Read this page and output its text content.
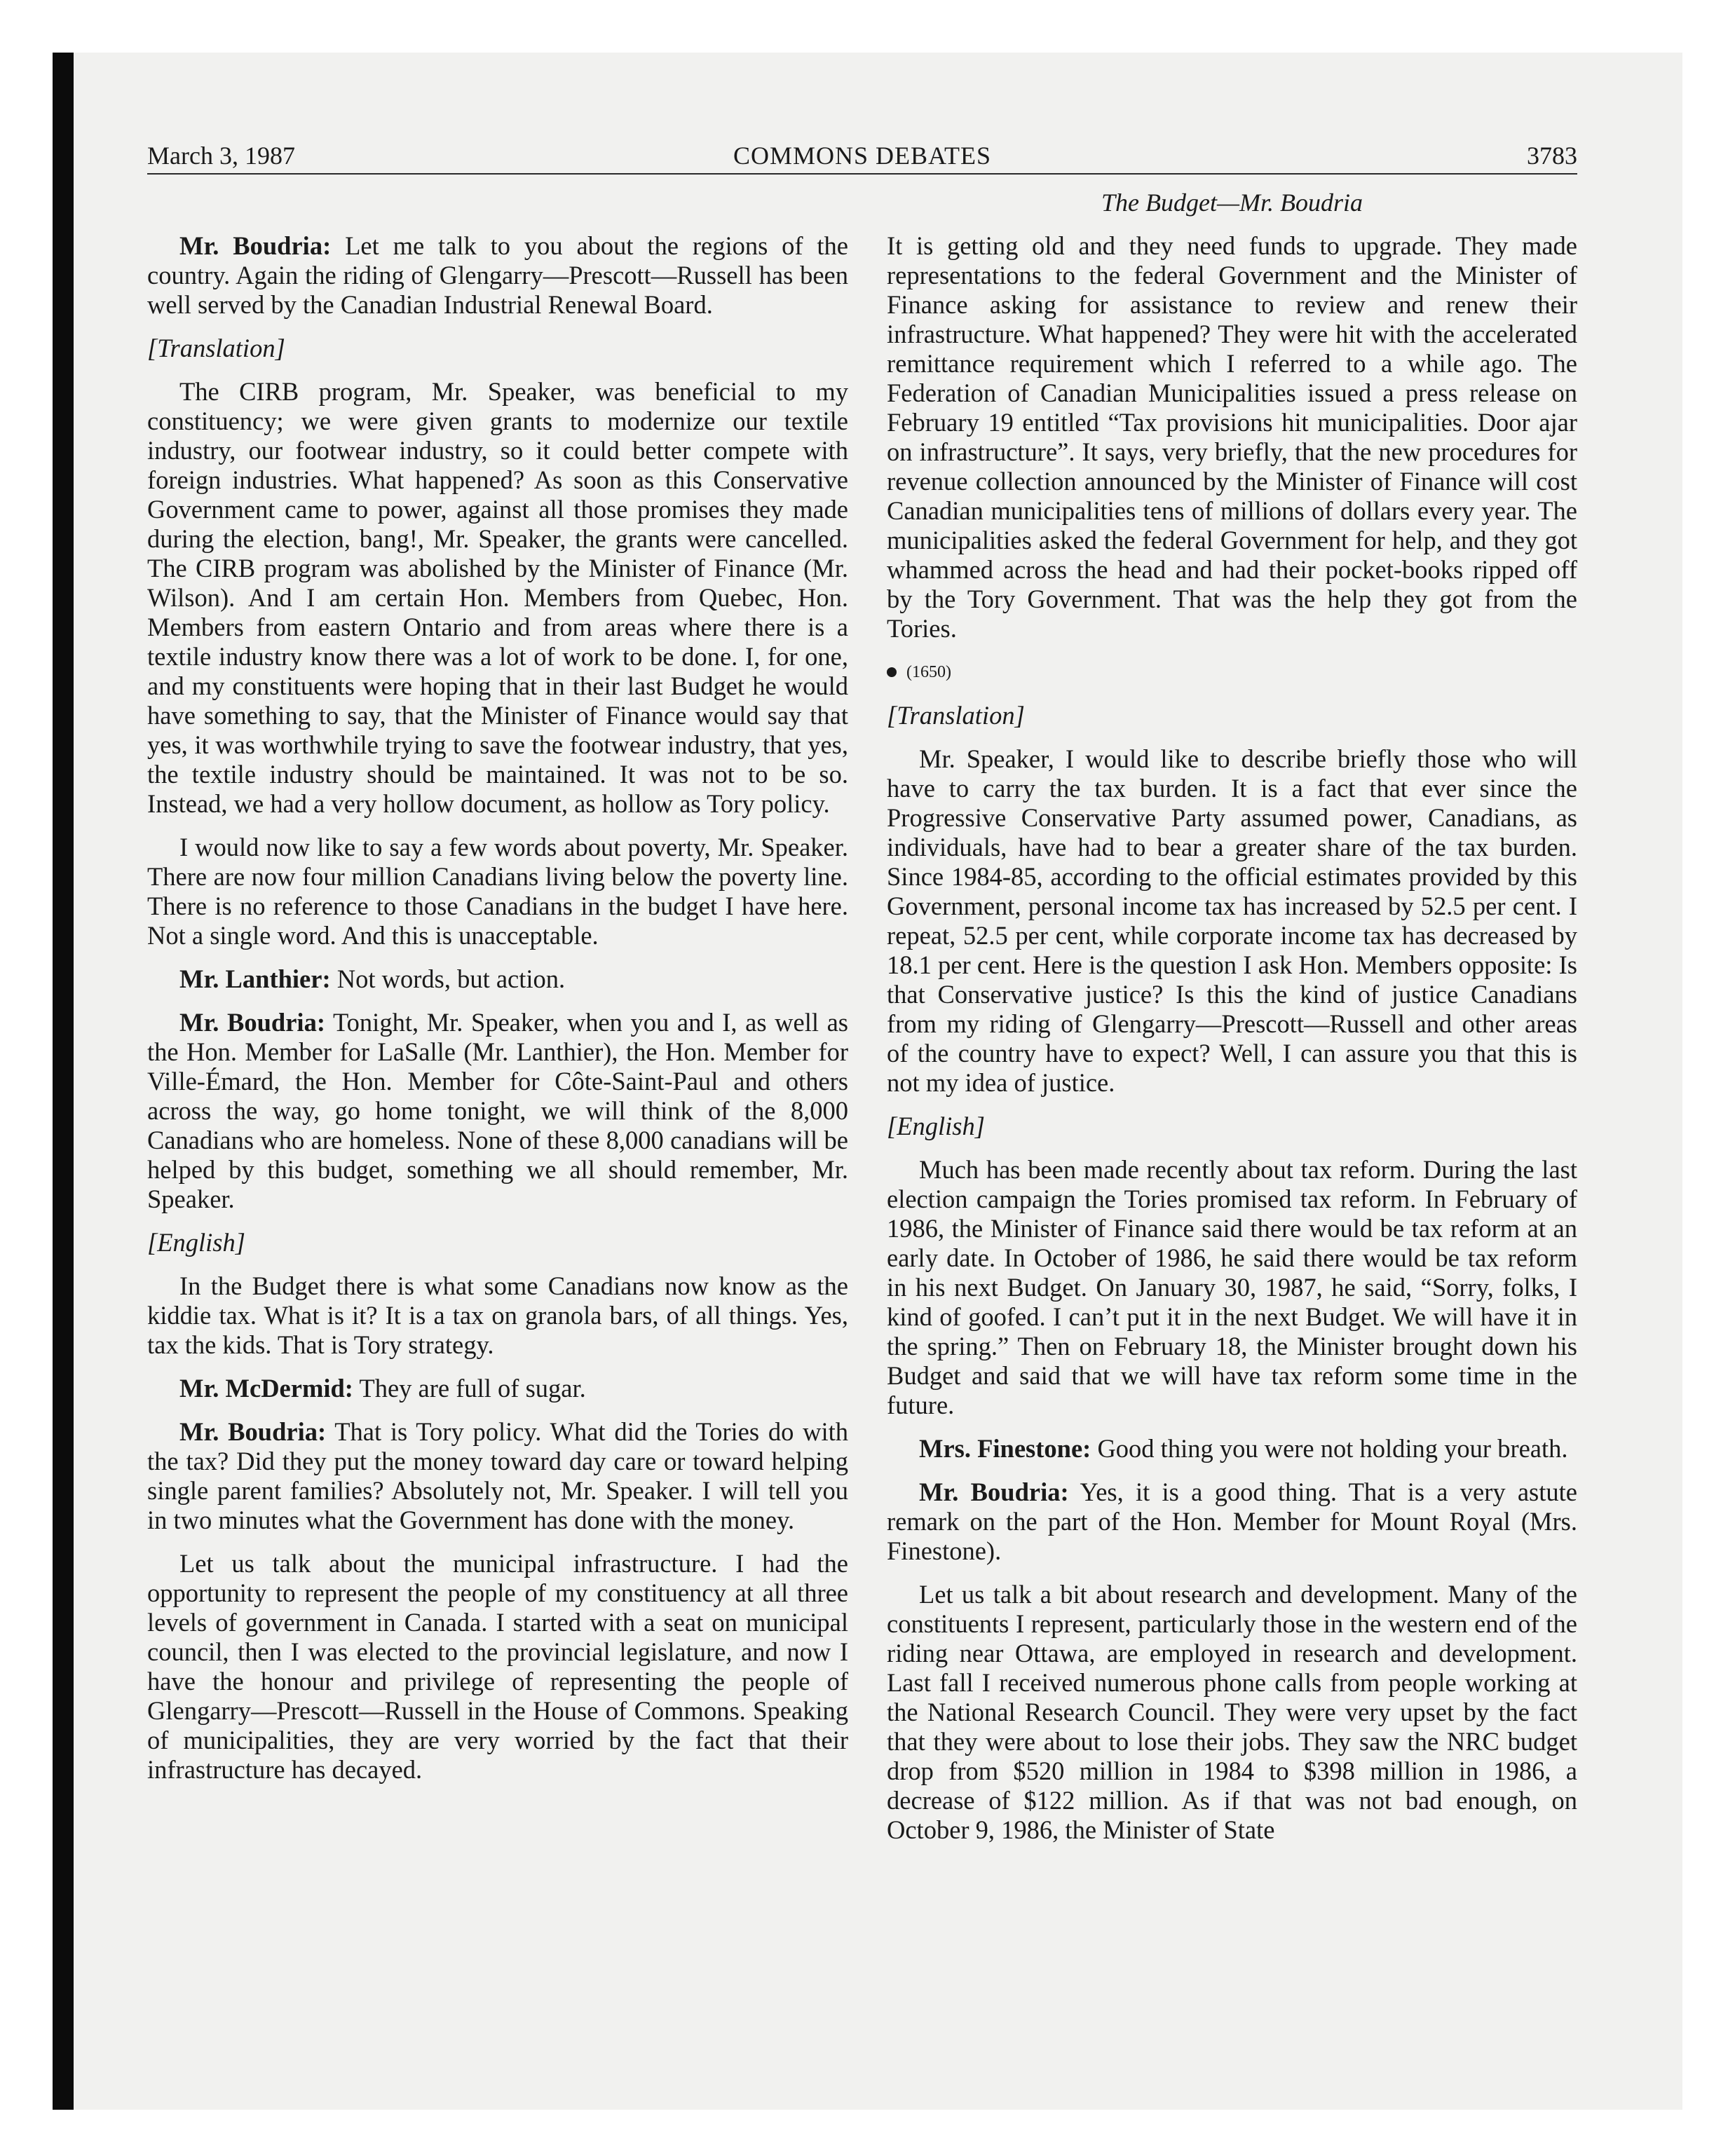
March 3, 1987	COMMONS DEBATES	3783
The Budget—Mr. Boudria

Mr. Boudria: Let me talk to you about the regions of the country. Again the riding of Glengarry—Prescott—Russell has been well served by the Canadian Industrial Renewal Board.

[Translation]

The CIRB program, Mr. Speaker, was beneficial to my constituency; we were given grants to modernize our textile industry, our footwear industry, so it could better compete with foreign industries. What happened? As soon as this Conservative Government came to power, against all those promises they made during the election, bang!, Mr. Speaker, the grants were cancelled. The CIRB program was abolished by the Minister of Finance (Mr. Wilson). And I am certain Hon. Members from Quebec, Hon. Members from eastern Ontario and from areas where there is a textile industry know there was a lot of work to be done. I, for one, and my constituents were hoping that in their last Budget he would have something to say, that the Minister of Finance would say that yes, it was worthwhile trying to save the footwear industry, that yes, the textile industry should be maintained. It was not to be so. Instead, we had a very hollow document, as hollow as Tory policy.

I would now like to say a few words about poverty, Mr. Speaker. There are now four million Canadians living below the poverty line. There is no reference to those Canadians in the budget I have here. Not a single word. And this is unacceptable.

Mr. Lanthier: Not words, but action.

Mr. Boudria: Tonight, Mr. Speaker, when you and I, as well as the Hon. Member for LaSalle (Mr. Lanthier), the Hon. Member for Ville-Émard, the Hon. Member for Côte-Saint-Paul and others across the way, go home tonight, we will think of the 8,000 Canadians who are homeless. None of these 8,000 canadians will be helped by this budget, something we all should remember, Mr. Speaker.

[English]

In the Budget there is what some Canadians now know as the kiddie tax. What is it? It is a tax on granola bars, of all things. Yes, tax the kids. That is Tory strategy.

Mr. McDermid: They are full of sugar.

Mr. Boudria: That is Tory policy. What did the Tories do with the tax? Did they put the money toward day care or toward helping single parent families? Absolutely not, Mr. Speaker. I will tell you in two minutes what the Government has done with the money.

Let us talk about the municipal infrastructure. I had the opportunity to represent the people of my constituency at all three levels of government in Canada. I started with a seat on municipal council, then I was elected to the provincial legislature, and now I have the honour and privilege of representing the people of Glengarry—Prescott—Russell in the House of Commons. Speaking of municipalities, they are very worried by the fact that their infrastructure has decayed.

It is getting old and they need funds to upgrade. They made representations to the federal Government and the Minister of Finance asking for assistance to review and renew their infrastructure. What happened? They were hit with the accelerated remittance requirement which I referred to a while ago. The Federation of Canadian Municipalities issued a press release on February 19 entitled “Tax provisions hit municipalities. Door ajar on infrastructure”. It says, very briefly, that the new procedures for revenue collection announced by the Minister of Finance will cost Canadian municipalities tens of millions of dollars every year. The municipalities asked the federal Government for help, and they got whammed across the head and had their pocket-books ripped off by the Tory Government. That was the help they got from the Tories.

(1650)

[Translation]

Mr. Speaker, I would like to describe briefly those who will have to carry the tax burden. It is a fact that ever since the Progressive Conservative Party assumed power, Canadians, as individuals, have had to bear a greater share of the tax burden. Since 1984-85, according to the official estimates provided by this Government, personal income tax has increased by 52.5 per cent. I repeat, 52.5 per cent, while corporate income tax has decreased by 18.1 per cent. Here is the question I ask Hon. Members opposite: Is that Conservative justice? Is this the kind of justice Canadians from my riding of Glengarry—Prescott—Russell and other areas of the country have to expect? Well, I can assure you that this is not my idea of justice.

[English]

Much has been made recently about tax reform. During the last election campaign the Tories promised tax reform. In February of 1986, the Minister of Finance said there would be tax reform at an early date. In October of 1986, he said there would be tax reform in his next Budget. On January 30, 1987, he said, “Sorry, folks, I kind of goofed. I can’t put it in the next Budget. We will have it in the spring.” Then on February 18, the Minister brought down his Budget and said that we will have tax reform some time in the future.

Mrs. Finestone: Good thing you were not holding your breath.

Mr. Boudria: Yes, it is a good thing. That is a very astute remark on the part of the Hon. Member for Mount Royal (Mrs. Finestone).

Let us talk a bit about research and development. Many of the constituents I represent, particularly those in the western end of the riding near Ottawa, are employed in research and development. Last fall I received numerous phone calls from people working at the National Research Council. They were very upset by the fact that they were about to lose their jobs. They saw the NRC budget drop from $520 million in 1984 to $398 million in 1986, a decrease of $122 million. As if that was not bad enough, on October 9, 1986, the Minister of State
